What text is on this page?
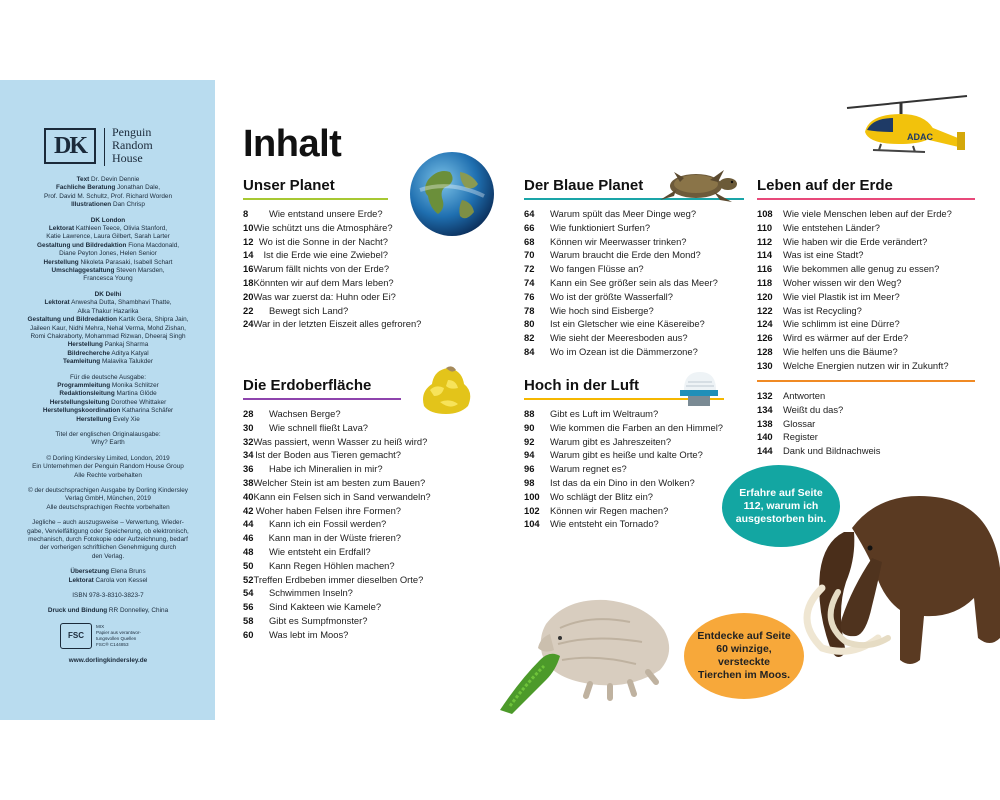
DK
Penguin
Random
House
Text Dr. Devin Dennie
Fachliche Beratung Jonathan Dale,
Prof. David M. Schultz, Prof. Richard Worden
Illustrationen Dan Chrisp
DK London
Lektorat Kathleen Teece, Olivia Stanford,
Katie Lawrence, Laura Gilbert, Sarah Larter
Gestaltung und Bildredaktion Fiona Macdonald,
Diane Peyton Jones, Helen Senior
Herstellung Nikoleta Parasaki, Isabell Schart
Umschlaggestaltung Steven Marsden,
Francesca Young
DK Delhi
Lektorat Anwesha Dutta, Shambhavi Thatte,
Alka Thakur Hazarika
Gestaltung und Bildredaktion Kartik Gera, Shipra Jain,
Jaileen Kaur, Nidhi Mehra, Nehal Verma, Mohd Zishan,
Romi Chakraborty, Mohammad Rizwan, Dheeraj Singh
Herstellung Pankaj Sharma
Bildrecherche Aditya Katyal
Teamleitung Malavika Talukder
Für die deutsche Ausgabe:
Programmleitung Monika Schlitzer
Redaktionsleitung Martina Glöde
Herstellungsleitung Dorothee Whittaker
Herstellungskoordination Katharina Schäfer
Herstellung Evely Xie
Titel der englischen Originalausgabe:
Why? Earth
© Dorling Kindersley Limited, London, 2019
Ein Unternehmen der Penguin Random House Group
Alle Rechte vorbehalten
© der deutschsprachigen Ausgabe by Dorling Kindersley
Verlag GmbH, München, 2019
Alle deutschsprachigen Rechte vorbehalten
Jegliche – auch auszugsweise – Verwertung, Wieder-
gabe, Vervielfältigung oder Speicherung, ob elektronisch,
mechanisch, durch Fotokopie oder Aufzeichnung, bedarf
der vorherigen schriftlichen Genehmigung durch
den Verlag.
Übersetzung Elena Bruns
Lektorat Carola von Kessel
ISBN 978-3-8310-3823-7
Druck und Bindung RR Donnelley, China
FSC
MIX
Papier aus verantwor-
tungsvollen Quellen
FSC® C144853
www.dorlingkindersley.de
Inhalt
Unser Planet
8	Wie entstand unsere Erde?
10 Wie schützt uns die Atmosphäre?
12 Wo ist die Sonne in der Nacht?
14	Ist die Erde wie eine Zwiebel?
16 Warum fällt nichts von der Erde?
18 Könnten wir auf dem Mars leben?
20 Was war zuerst da: Huhn oder Ei?
22	Bewegt sich Land?
24 War in der letzten Eiszeit alles gefroren?
Die Erdoberfläche
28	Wachsen Berge?
30	Wie schnell fließt Lava?
32 Was passiert, wenn Wasser zu heiß wird?
34 Ist der Boden aus Tieren gemacht?
36	Habe ich Mineralien in mir?
38 Welcher Stein ist am besten zum Bauen?
40 Kann ein Felsen sich in Sand verwandeln?
42 Woher haben Felsen ihre Formen?
44	Kann ich ein Fossil werden?
46	Kann man in der Wüste frieren?
48	Wie entsteht ein Erdfall?
50	Kann Regen Höhlen machen?
52 Treffen Erdbeben immer dieselben Orte?
54	Schwimmen Inseln?
56	Sind Kakteen wie Kamele?
58	Gibt es Sumpfmonster?
60	Was lebt im Moos?
Der Blaue Planet
64	Warum spült das Meer Dinge weg?
66	Wie funktioniert Surfen?
68	Können wir Meerwasser trinken?
70	Warum braucht die Erde den Mond?
72	Wo fangen Flüsse an?
74	Kann ein See größer sein als das Meer?
76	Wo ist der größte Wasserfall?
78	Wie hoch sind Eisberge?
80	Ist ein Gletscher wie eine Käsereibe?
82	Wie sieht der Meeresboden aus?
84	Wo im Ozean ist die Dämmerzone?
Hoch in der Luft
88	Gibt es Luft im Weltraum?
90	Wie kommen die Farben an den Himmel?
92	Warum gibt es Jahreszeiten?
94	Warum gibt es heiße und kalte Orte?
96	Warum regnet es?
98	Ist das da ein Dino in den Wolken?
100	Wo schlägt der Blitz ein?
102	Können wir Regen machen?
104	Wie entsteht ein Tornado?
Leben auf der Erde
108	Wie viele Menschen leben auf der Erde?
110	Wie entstehen Länder?
112	Wie haben wir die Erde verändert?
114	Was ist eine Stadt?
116	Wie bekommen alle genug zu essen?
118	Woher wissen wir den Weg?
120	Wie viel Plastik ist im Meer?
122	Was ist Recycling?
124	Wie schlimm ist eine Dürre?
126	Wird es wärmer auf der Erde?
128	Wie helfen uns die Bäume?
130	Welche Energien nutzen wir in Zukunft?
132	Antworten
134	Weißt du das?
138	Glossar
140	Register
144	Dank und Bildnachweis
ADAC
Erfahre auf Seite 112, warum ich ausgestorben bin.
Entdecke auf Seite 60 winzige, versteckte Tierchen im Moos.
